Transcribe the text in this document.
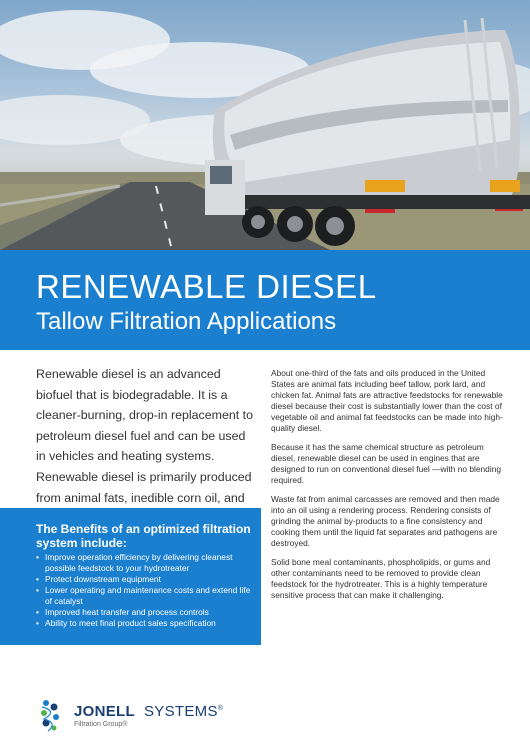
RENEWABLE DIESEL
Tallow Filtration Applications

Renewable diesel is an advanced biofuel that is biodegradable. It is a cleaner-burning, drop-in replacement to petroleum diesel fuel and can be used in vehicles and heating systems. Renewable diesel is primarily produced from animal fats, inedible corn oil, and

The Benefits of an optimized filtration system include:
• Improve operation efficiency by delivering cleanest possible feedstock to your hydrotreater
• Protect downstream equipment
• Lower operating and maintenance costs and extend life of catalyst
• Improved heat transfer and process controls
• Ability to meet final product sales specification

About one-third of the fats and oils produced in the United States are animal fats including beef tallow, pork lard, and chicken fat. Animal fats are attractive feedstocks for renewable diesel because their cost is substantially lower than the cost of vegetable oil and animal fat feedstocks can be made into high-quality diesel.

Because it has the same chemical structure as petroleum diesel, renewable diesel can be used in engines that are designed to run on conventional diesel fuel —with no blending required.

Waste fat from animal carcasses are removed and then made into an oil using a rendering process. Rendering consists of grinding the animal by-products to a fine consistency and cooking them until the liquid fat separates and pathogens are destroyed.

Solid bone meal contaminants, phospholipids, or gums and other contaminants need to be removed to provide clean feedstock for the hydrotreater. This is a highly temperature sensitive process that can make it challenging.

JONELL SYSTEMS®
Filtration Group®
